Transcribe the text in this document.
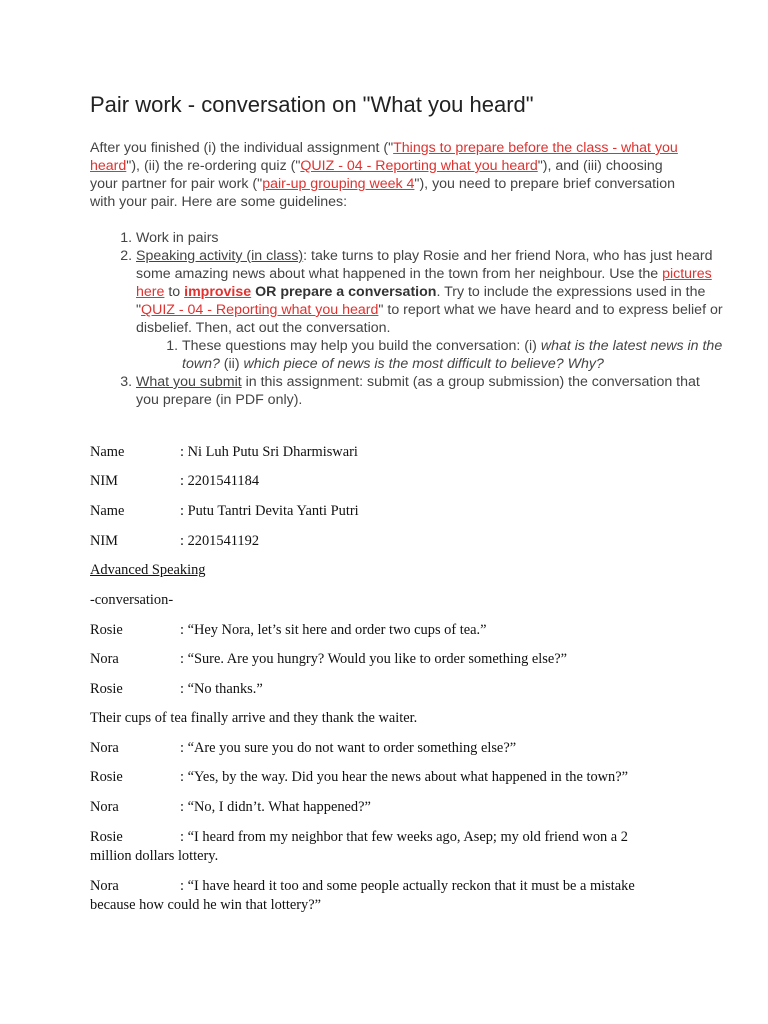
Pair work - conversation on "What you heard"
After you finished (i) the individual assignment ("Things to prepare before the class - what you heard"), (ii) the re-ordering quiz ("QUIZ - 04 - Reporting what you heard"), and (iii) choosing your partner for pair work ("pair-up grouping week 4"), you need to prepare brief conversation with your pair. Here are some guidelines:
1. Work in pairs
2. Speaking activity (in class): take turns to play Rosie and her friend Nora, who has just heard some amazing news about what happened in the town from her neighbour. Use the pictures here to improvise OR prepare a conversation. Try to include the expressions used in the "QUIZ - 04 - Reporting what you heard" to report what we have heard and to express belief or disbelief. Then, act out the conversation.
1. These questions may help you build the conversation: (i) what is the latest news in the town? (ii) which piece of news is the most difficult to believe? Why?
3. What you submit in this assignment: submit (as a group submission) the conversation that you prepare (in PDF only).
Name	: Ni Luh Putu Sri Dharmiswari
NIM	: 2201541184
Name	: Putu Tantri Devita Yanti Putri
NIM	: 2201541192
Advanced Speaking
-conversation-
Rosie	: “Hey Nora, let’s sit here and order two cups of tea.”
Nora	: “Sure. Are you hungry? Would you like to order something else?”
Rosie	: “No thanks.”
Their cups of tea finally arrive and they thank the waiter.
Nora	: “Are you sure you do not want to order something else?”
Rosie	: “Yes, by the way. Did you hear the news about what happened in the town?”
Nora	: “No, I didn’t. What happened?”
Rosie	: “I heard from my neighbor that few weeks ago, Asep; my old friend won a 2 million dollars lottery.
Nora	: “I have heard it too and some people actually reckon that it must be a mistake because how could he win that lottery?”
